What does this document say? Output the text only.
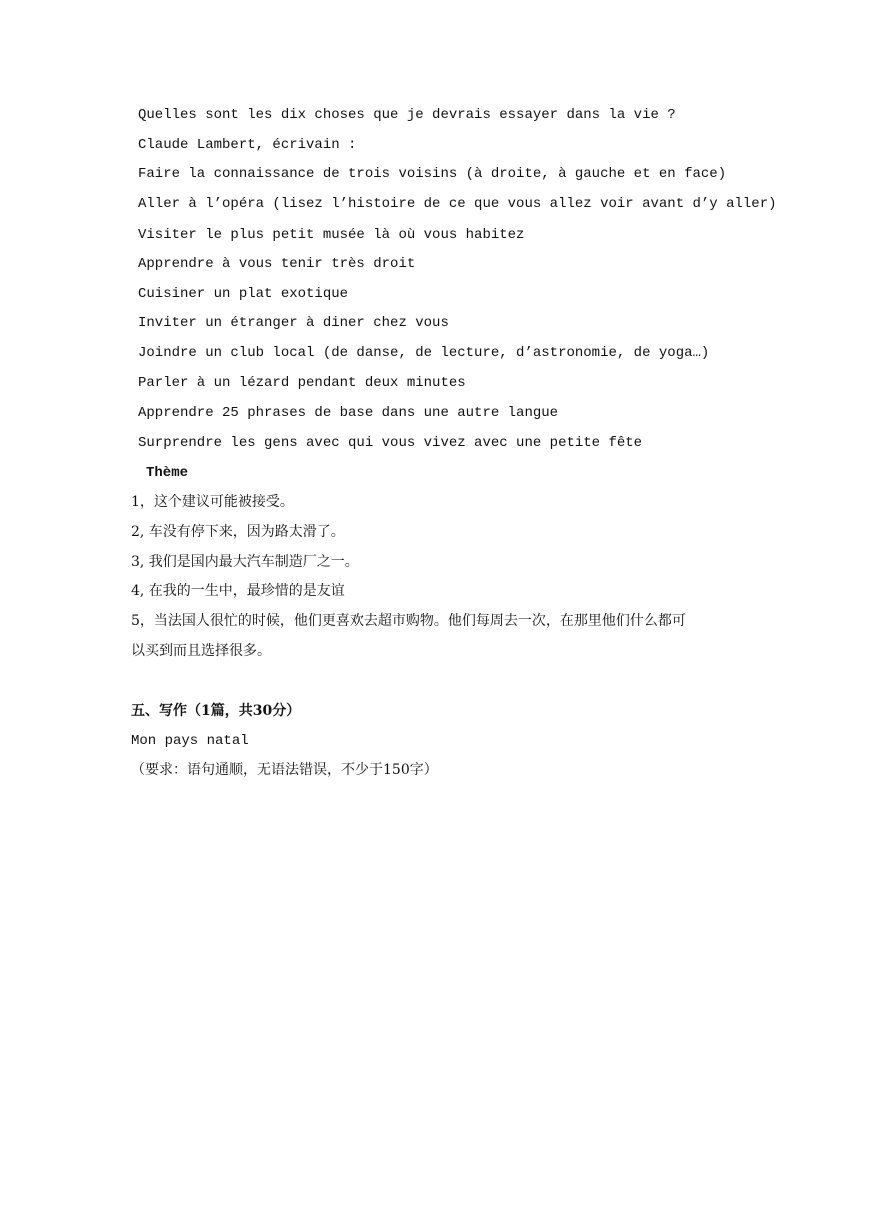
Quelles sont les dix choses que je devrais essayer dans la vie ?
Claude Lambert, écrivain :
Faire la connaissance de trois voisins (à droite, à gauche et en face)
Aller à l’opéra (lisez l’histoire de ce que vous allez voir avant d’y aller)
Visiter le plus petit musée là où vous habitez
Apprendre à vous tenir très droit
Cuisiner un plat exotique
Inviter un étranger à diner chez vous
Joindre un club local (de danse, de lecture, d’astronomie, de yoga…)
Parler à un lézard pendant deux minutes
Apprendre 25 phrases de base dans une autre langue
Surprendre les gens avec qui vous vivez avec une petite fête
Thème
1，这个建议可能被接受。
2, 车没有停下来，因为路太滑了。
3, 我们是国内最大汽车制造厂之一。
4, 在我的一生中，最珍惜的是友谊
5，当法国人很忙的时候，他们更喜欢去超市购物。他们每周去一次，在那里他们什么都可
以买到而且选择很多。
五、写作（1篇，共30分）
Mon pays natal
（要求：语句通顺，无语法错误，不少于150字）
